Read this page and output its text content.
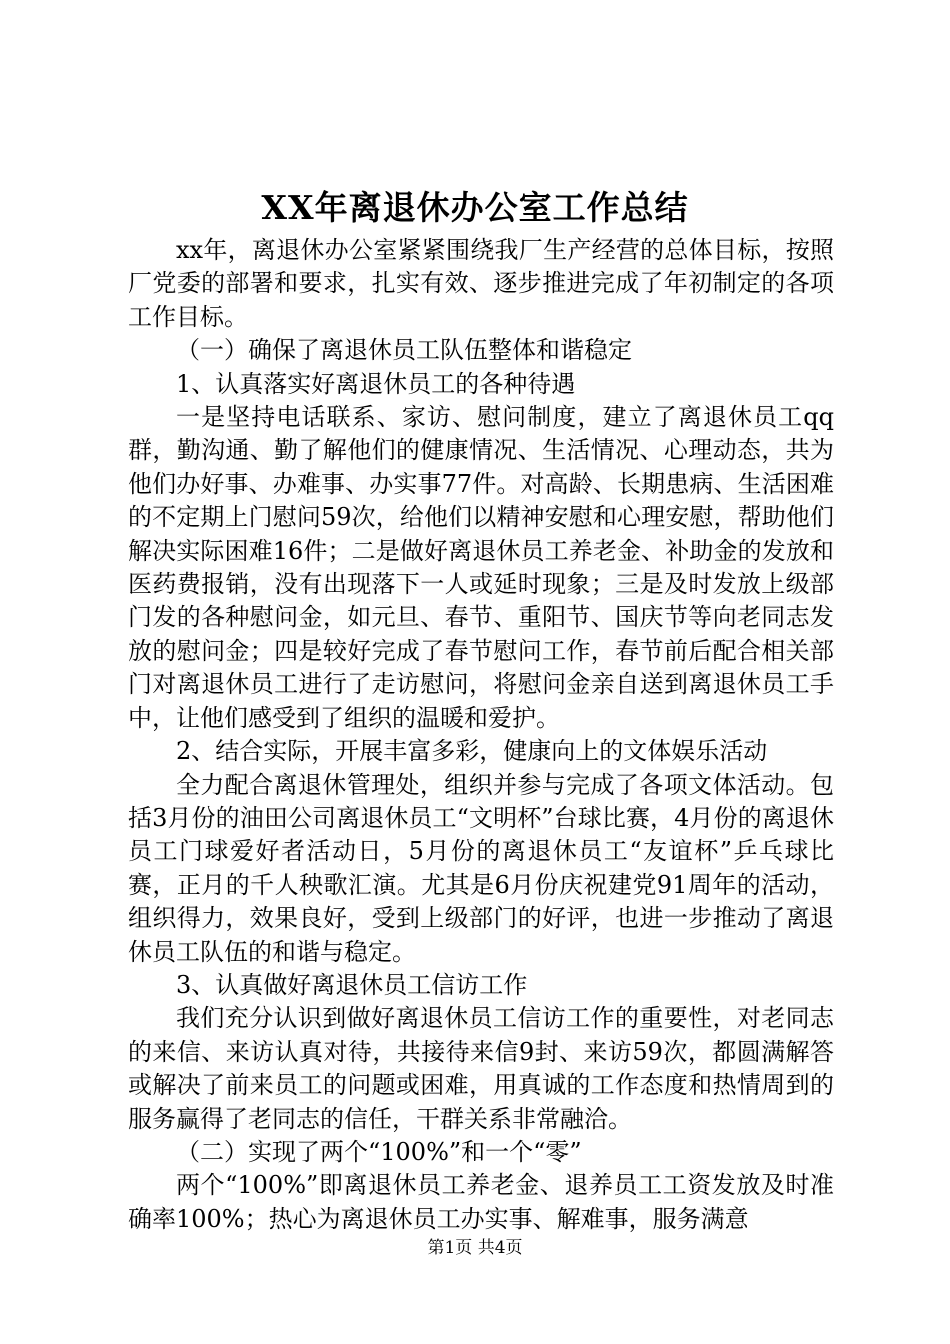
XX年离退休办公室工作总结

xx年，离退休办公室紧紧围绕我厂生产经营的总体目标，按照厂党委的部署和要求，扎实有效、逐步推进完成了年初制定的各项工作目标。

（一）确保了离退休员工队伍整体和谐稳定

1、认真落实好离退休员工的各种待遇

一是坚持电话联系、家访、慰问制度，建立了离退休员工qq群，勤沟通、勤了解他们的健康情况、生活情况、心理动态，共为他们办好事、办难事、办实事77件。对高龄、长期患病、生活困难的不定期上门慰问59次，给他们以精神安慰和心理安慰，帮助他们解决实际困难16件；二是做好离退休员工养老金、补助金的发放和医药费报销，没有出现落下一人或延时现象；三是及时发放上级部门发的各种慰问金，如元旦、春节、重阳节、国庆节等向老同志发放的慰问金；四是较好完成了春节慰问工作，春节前后配合相关部门对离退休员工进行了走访慰问，将慰问金亲自送到离退休员工手中，让他们感受到了组织的温暖和爱护。

2、结合实际，开展丰富多彩，健康向上的文体娱乐活动

全力配合离退休管理处，组织并参与完成了各项文体活动。包括3月份的油田公司离退休员工“文明杯”台球比赛，4月份的离退休员工门球爱好者活动日，5月份的离退休员工“友谊杯”乒乓球比赛，正月的千人秧歌汇演。尤其是6月份庆祝建党91周年的活动，组织得力，效果良好，受到上级部门的好评，也进一步推动了离退休员工队伍的和谐与稳定。

3、认真做好离退休员工信访工作

我们充分认识到做好离退休员工信访工作的重要性，对老同志的来信、来访认真对待，共接待来信9封、来访59次，都圆满解答或解决了前来员工的问题或困难，用真诚的工作态度和热情周到的服务赢得了老同志的信任，干群关系非常融洽。

（二）实现了两个“100%”和一个“零”

两个“100%”即离退休员工养老金、退养员工工资发放及时准确率100%；热心为离退休员工办实事、解难事，服务满意

第1页 共4页
